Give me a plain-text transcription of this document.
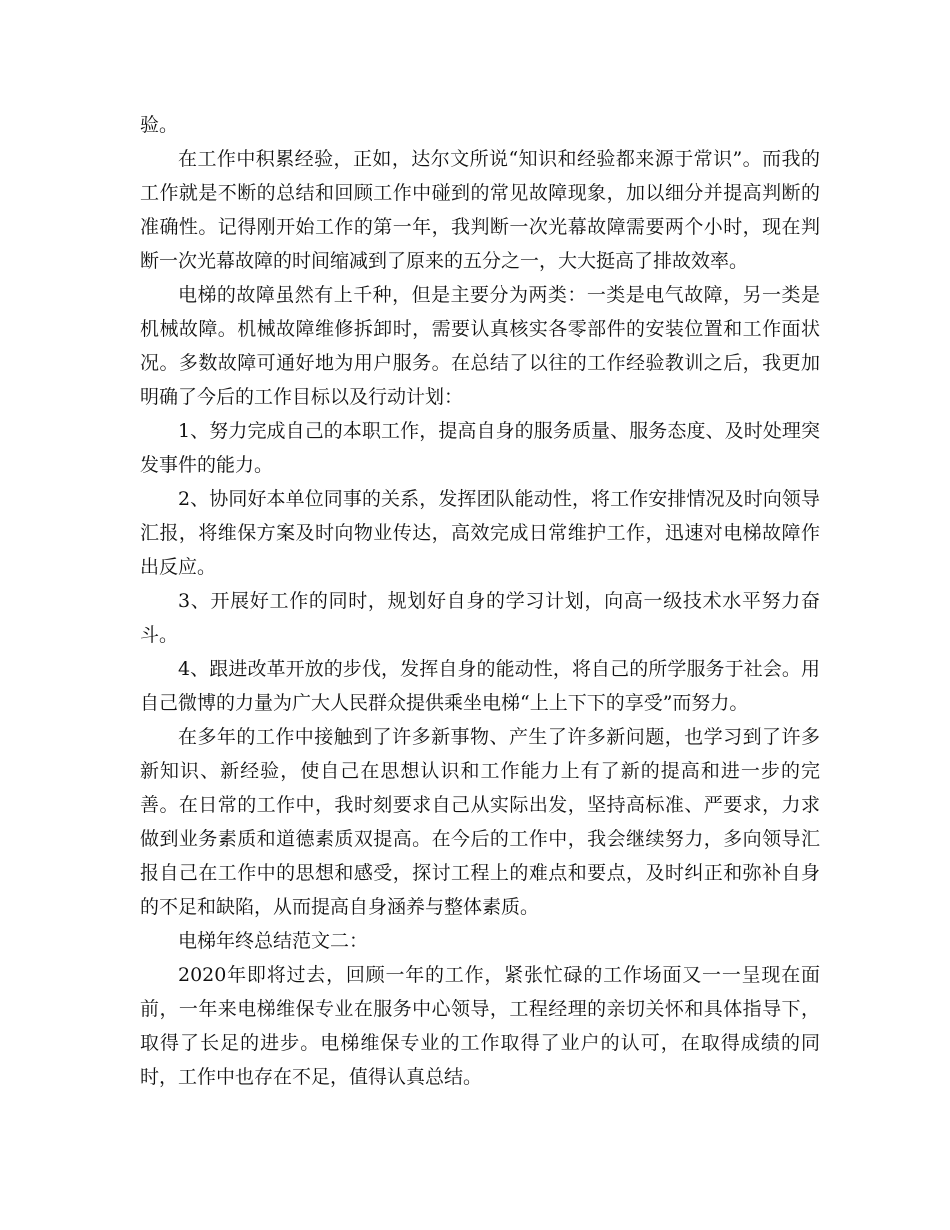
验。

在工作中积累经验，正如，达尔文所说“知识和经验都来源于常识”。而我的工作就是不断的总结和回顾工作中碰到的常见故障现象，加以细分并提高判断的准确性。记得刚开始工作的第一年，我判断一次光幕故障需要两个小时，现在判断一次光幕故障的时间缩减到了原来的五分之一，大大挺高了排故效率。

电梯的故障虽然有上千种，但是主要分为两类：一类是电气故障，另一类是机械故障。机械故障维修拆卸时，需要认真核实各零部件的安装位置和工作面状况。多数故障可通好地为用户服务。在总结了以往的工作经验教训之后，我更加明确了今后的工作目标以及行动计划：

1、努力完成自己的本职工作，提高自身的服务质量、服务态度、及时处理突发事件的能力。

2、协同好本单位同事的关系，发挥团队能动性，将工作安排情况及时向领导汇报，将维保方案及时向物业传达，高效完成日常维护工作，迅速对电梯故障作出反应。

3、开展好工作的同时，规划好自身的学习计划，向高一级技术水平努力奋斗。

4、跟进改革开放的步伐，发挥自身的能动性，将自己的所学服务于社会。用自己微博的力量为广大人民群众提供乘坐电梯“上上下下的享受”而努力。

在多年的工作中接触到了许多新事物、产生了许多新问题，也学习到了许多新知识、新经验，使自己在思想认识和工作能力上有了新的提高和进一步的完善。在日常的工作中，我时刻要求自己从实际出发，坚持高标准、严要求，力求做到业务素质和道德素质双提高。在今后的工作中，我会继续努力，多向领导汇报自己在工作中的思想和感受，探讨工程上的难点和要点，及时纠正和弥补自身的不足和缺陷，从而提高自身涵养与整体素质。

电梯年终总结范文二：

2020年即将过去，回顾一年的工作，紧张忙碌的工作场面又一一呈现在面前，一年来电梯维保专业在服务中心领导，工程经理的亲切关怀和具体指导下，取得了长足的进步。电梯维保专业的工作取得了业户的认可，在取得成绩的同时，工作中也存在不足，值得认真总结。
